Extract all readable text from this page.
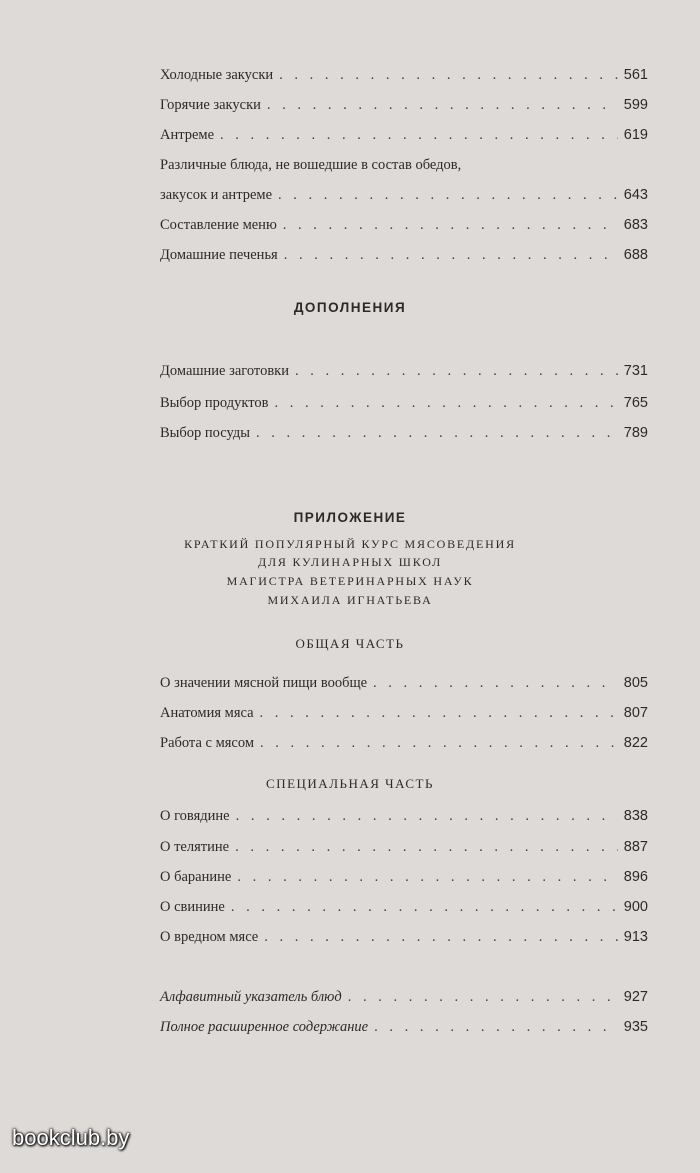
Холодные закуски . . .	561
Горячие закуски . . .	599
Антреме . . .	619
Различные блюда, не вошедшие в состав обедов,
закусок и антреме . . .	643
Составление меню . . .	683
Домашние печенья . . .	688
ДОПОЛНЕНИЯ
Домашние заготовки . . .	731
Выбор продуктов . . .	765
Выбор посуды . . .	789
ПРИЛОЖЕНИЕ
КРАТКИЙ ПОПУЛЯРНЫЙ КУРС МЯСОВЕДЕНИЯ
ДЛЯ КУЛИНАРНЫХ ШКОЛ
МАГИСТРА ВЕТЕРИНАРНЫХ НАУК
МИХАИЛА ИГНАТЬЕВА
ОБЩАЯ ЧАСТЬ
О значении мясной пищи вообще . . .	805
Анатомия мяса . . .	807
Работа с мясом . . .	822
СПЕЦИАЛЬНАЯ ЧАСТЬ
О говядине . . .	838
О телятине . . .	887
О баранине . . .	896
О свинине . . .	900
О вредном мясе . . .	913
Алфавитный указатель блюд . . .	927
Полное расширенное содержание . . .	935
bookclub.by
